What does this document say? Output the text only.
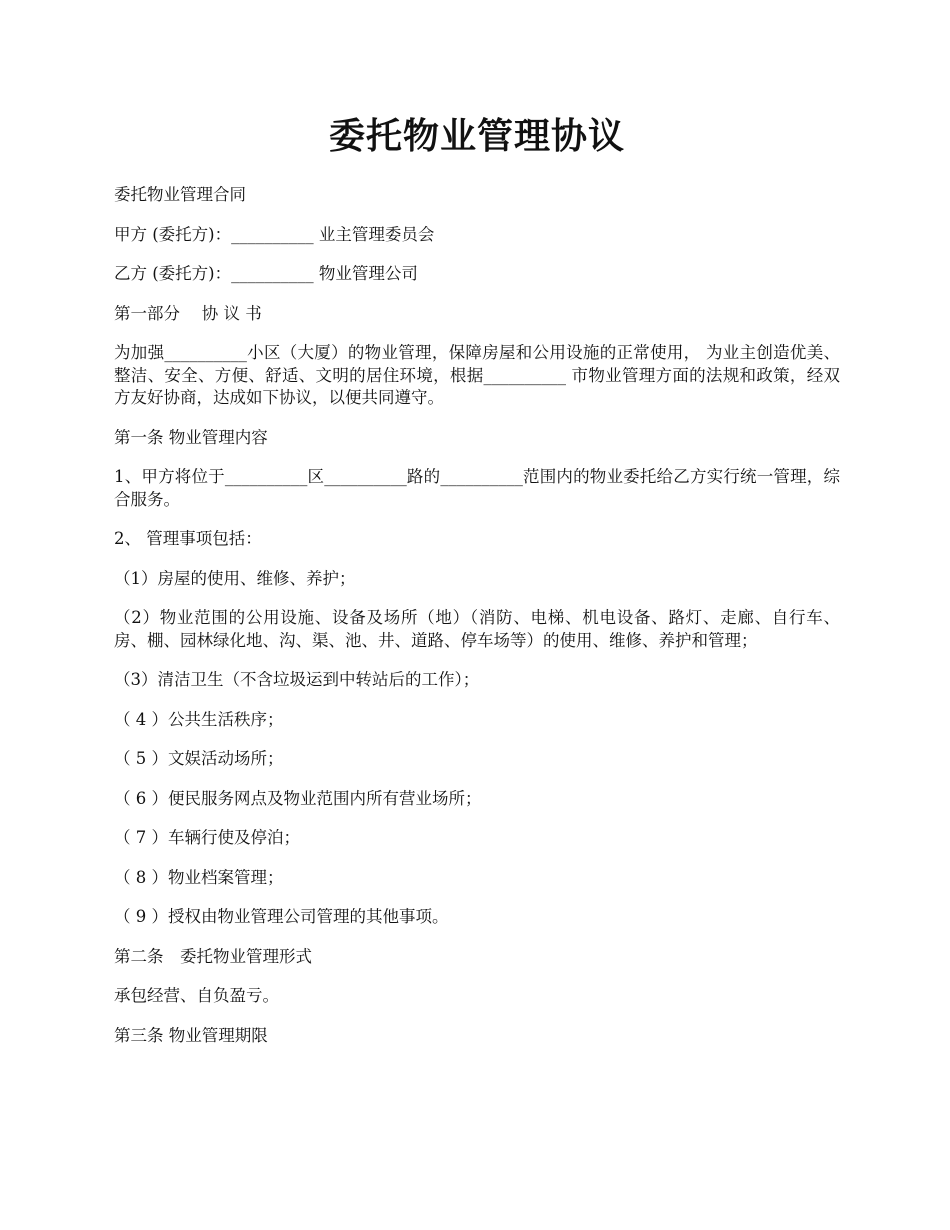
委托物业管理协议

委托物业管理合同

甲方 (委托方)：__________ 业主管理委员会

乙方 (委托方)：__________ 物业管理公司

第一部分　 协 议 书

为加强__________小区（大厦）的物业管理，保障房屋和公用设施的正常使用， 为业主创造优美、整洁、安全、方便、舒适、文明的居住环境，根据__________ 市物业管理方面的法规和政策，经双方友好协商，达成如下协议，以便共同遵守。

第一条 物业管理内容

1、甲方将位于__________区__________路的__________范围内的物业委托给乙方实行统一管理，综合服务。

2、 管理事项包括：

（1）房屋的使用、维修、养护；

（2）物业范围的公用设施、设备及场所（地）（消防、电梯、机电设备、路灯、走廊、自行车、房、棚、园林绿化地、沟、渠、池、井、道路、停车场等）的使用、维修、养护和管理；

（3）清洁卫生（不含垃圾运到中转站后的工作）；

（ 4 ）公共生活秩序；

（ 5 ）文娱活动场所；

（ 6 ）便民服务网点及物业范围内所有营业场所；

（ 7 ）车辆行使及停泊；

（ 8 ）物业档案管理；

（ 9 ）授权由物业管理公司管理的其他事项。

第二条　委托物业管理形式

承包经营、自负盈亏。

第三条 物业管理期限
